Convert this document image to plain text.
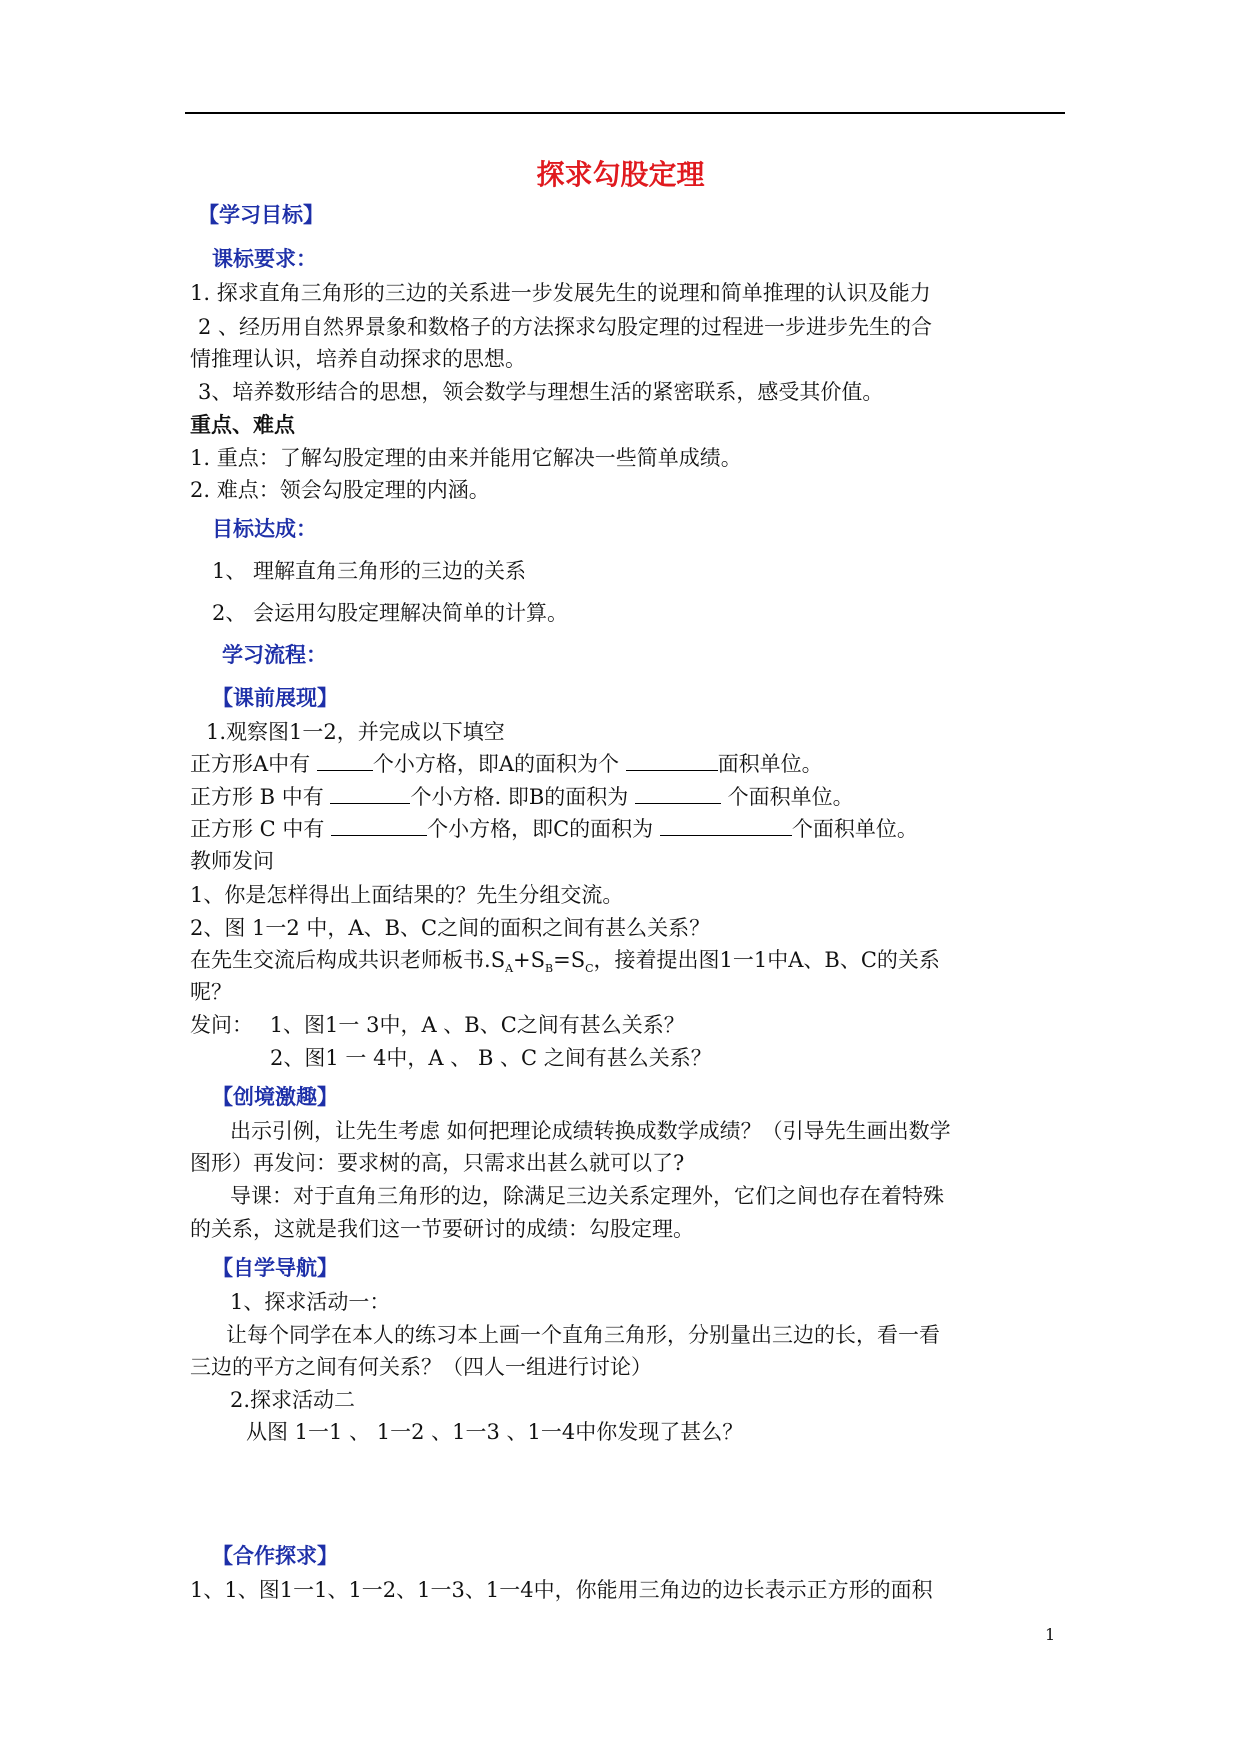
探求勾股定理
【学习目标】
课标要求：
1. 探求直角三角形的三边的关系进一步发展先生的说理和简单推理的认识及能力
2 、经历用自然界景象和数格子的方法探求勾股定理的过程进一步进步先生的合
情推理认识，培养自动探求的思想。
3、培养数形结合的思想，领会数学与理想生活的紧密联系，感受其价值。
重点、难点
1. 重点：了解勾股定理的由来并能用它解决一些简单成绩。
2. 难点：领会勾股定理的内涵。
目标达成：
1、 理解直角三角形的三边的关系
2、 会运用勾股定理解决简单的计算。
学习流程：
【课前展现】
1.观察图1一2，并完成以下填空
正方形A中有	个小方格，即A的面积为个	面积单位。
正方形 B 中有	个小方格. 即B的面积为	个面积单位。
正方形 C 中有	个小方格，即C的面积为	个面积单位。
教师发问
1、你是怎样得出上面结果的？先生分组交流。
2、图 1一2 中，A、B、C之间的面积之间有甚么关系？
在先生交流后构成共识老师板书$.S_A+S_B=S_C$，接着提出图1一1中A、B、C的关系
呢？
发问： 1、图1一 3中，A 、B、C之间有甚么关系？
2、图1 一 4中，A 、 B 、C 之间有甚么关系？
【创境激趣】
出示引例，让先生考虑 如何把理论成绩转换成数学成绩？（引导先生画出数学
图形）再发问：要求树的高，只需求出甚么就可以了?
导课：对于直角三角形的边，除满足三边关系定理外，它们之间也存在着特殊
的关系，这就是我们这一节要研讨的成绩：勾股定理。
【自学导航】
1、探求活动一：
让每个同学在本人的练习本上画一个直角三角形，分别量出三边的长，看一看
三边的平方之间有何关系？（四人一组进行讨论）
2.探求活动二
从图 1一1 、 1一2 、1一3 、1一4中你发现了甚么？
【合作探求】
1、1、图1一1、1一2、1一3、1一4中，你能用三角边的边长表示正方形的面积
1
